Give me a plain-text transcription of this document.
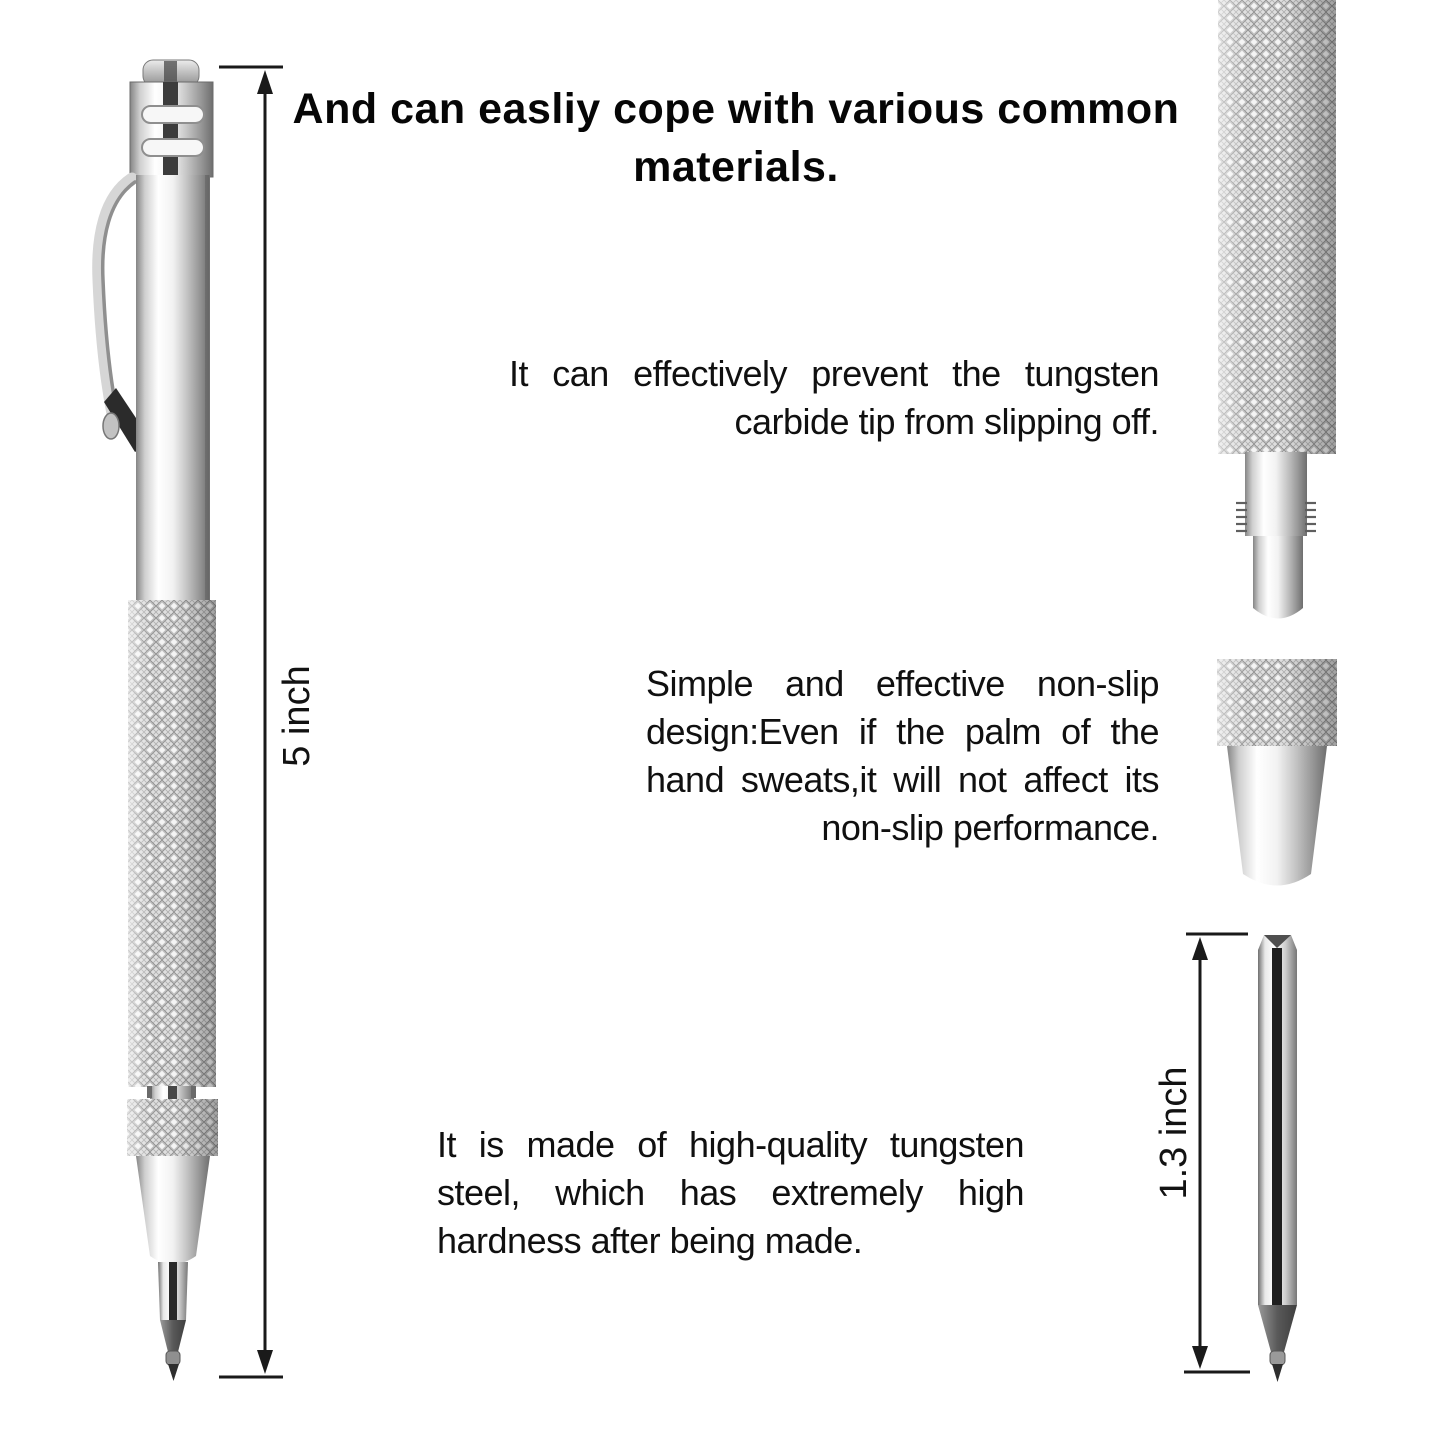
And can easliy cope with various common materials.
It can effectively prevent the tungsten
carbide tip from slipping off.
Simple and effective non-slip
design:Even if the palm of the
hand sweats,it will not affect its
non-slip performance.
It is made of high-quality tungsten
steel, which has extremely high
hardness after being made.
5 inch
1.3 inch
